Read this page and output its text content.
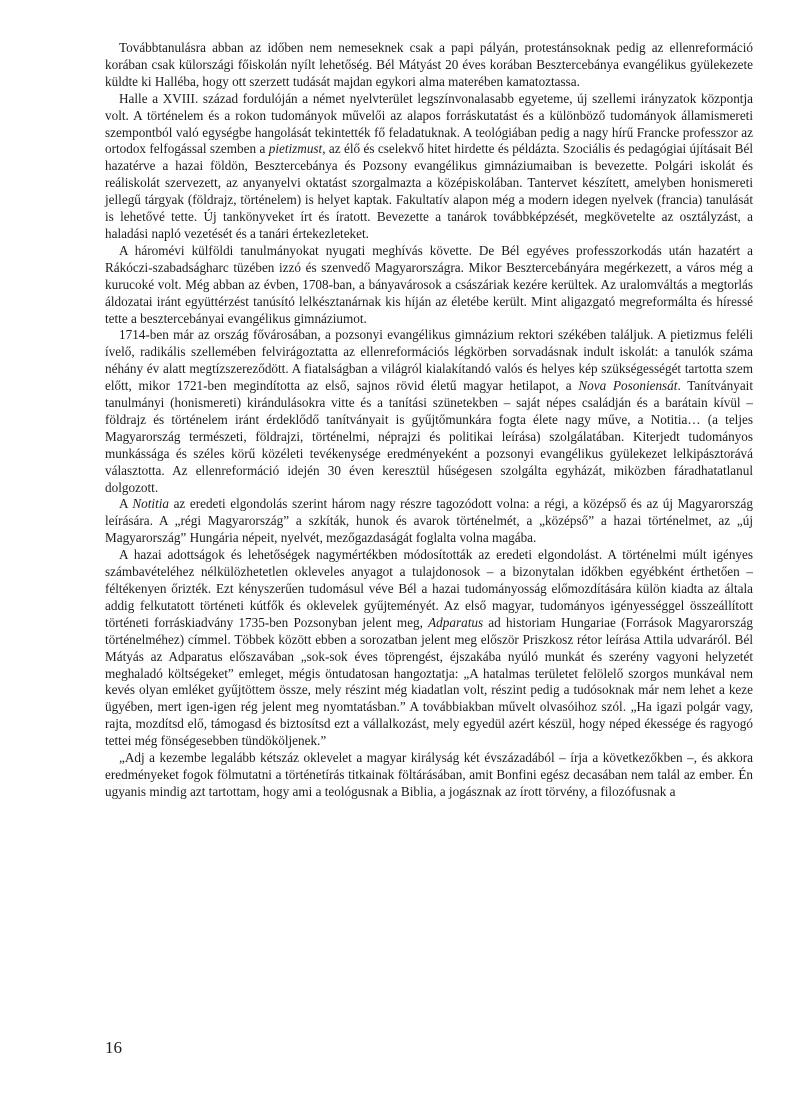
Továbbtanulásra abban az időben nem nemeseknek csak a papi pályán, protestánsoknak pedig az ellenreformáció korában csak külországi főiskolán nyílt lehetőség. Bél Mátyást 20 éves korában Besztercebánya evangélikus gyülekezete küldte ki Halléba, hogy ott szerzett tudását majdan egykori alma materében kamatoztassa.

Halle a XVIII. század fordulóján a német nyelvterület legszínvonalasabb egyeteme, új szellemi irányzatok központja volt. A történelem és a rokon tudományok művelői az alapos forráskutatást és a különböző tudományok államismereti szempontból való egységbe hangolását tekintették fő feladatuknak. A teológiában pedig a nagy hírű Francke professzor az ortodox felfogással szemben a pietizmust, az élő és cselekvő hitet hirdette és példázta. Szociális és pedagógiai újításait Bél hazatérve a hazai földön, Besztercebánya és Pozsony evangélikus gimnáziumaiban is bevezette. Polgári iskolát és reáliskolát szervezett, az anyanyelvi oktatást szorgalmazta a középiskolában. Tantervet készített, amelyben honismereti jellegű tárgyak (földrajz, történelem) is helyet kaptak. Fakultatív alapon még a modern idegen nyelvek (francia) tanulását is lehetővé tette. Új tankönyveket írt és íratott. Bevezette a tanárok továbbképzését, megkövetelte az osztályzást, a haladási napló vezetését és a tanári értekezleteket.

A háromévi külföldi tanulmányokat nyugati meghívás követte. De Bél egyéves professzorkodás után hazatért a Rákóczi-szabadságharc tüzében izzó és szenvedő Magyarországra. Mikor Besztercebányára megérkezett, a város még a kurucoké volt. Még abban az évben, 1708-ban, a bányavárosok a császáriak kezére kerültek. Az uralomváltás a megtorlás áldozatai iránt együttérzést tanúsító lelkésztanárnak kis híján az életébe került. Mint aligazgató megreformálta és híressé tette a besztercebányai evangélikus gimnáziumot.

1714-ben már az ország fővárosában, a pozsonyi evangélikus gimnázium rektori székében találjuk. A pietizmus feléli ívelő, radikális szellemében felvirágoztatta az ellenreformációs légkörben sorvadásnak indult iskolát: a tanulók száma néhány év alatt megtízszereződött. A fiatalságban a világról kialakítandó valós és helyes kép szükségességét tartotta szem előtt, mikor 1721-ben megindította az első, sajnos rövid életű magyar hetilapot, a Nova Posoniensát. Tanítványait tanulmányi (honismereti) kirándulásokra vitte és a tanítási szünetekben – saját népes családján és a barátain kívül – földrajz és történelem iránt érdeklődő tanítványait is gyűjtőmunkára fogta élete nagy műve, a Notitia… (a teljes Magyarország természeti, földrajzi, történelmi, néprajzi és politikai leírása) szolgálatában. Kiterjedt tudományos munkássága és széles körű közéleti tevékenysége eredményeként a pozsonyi evangélikus gyülekezet lelkipásztorává választotta. Az ellenreformáció idején 30 éven keresztül hűségesen szolgálta egyházát, miközben fáradhatatlanul dolgozott.

A Notitia az eredeti elgondolás szerint három nagy részre tagozódott volna: a régi, a középső és az új Magyarország leírására. A „régi Magyarország” a szkíták, hunok és avarok történelmét, a „középső” a hazai történelmet, az „új Magyarország” Hungária népeit, nyelvét, mezőgazdaságát foglalta volna magába.

A hazai adottságok és lehetőségek nagymértékben módosították az eredeti elgondolást. A történelmi múlt igényes számbavételéhez nélkülözhetetlen okleveles anyagot a tulajdonosok – a bizonytalan időkben egyébként érthetően – féltékenyen őrizték. Ezt kényszerűen tudomásul véve Bél a hazai tudományosság előmozdítására külön kiadta az általa addig felkutatott történeti kútfők és oklevelek gyűjteményét. Az első magyar, tudományos igényességgel összeállított történeti forráskiadvány 1735-ben Pozsonyban jelent meg, Adparatus ad historiam Hungariae (Források Magyarország történelméhez) címmel. Többek között ebben a sorozatban jelent meg először Priszkosz rétor leírása Attila udvaráról. Bél Mátyás az Adparatus előszavában „sok-sok éves töprengést, éjszakába nyúló munkát és szerény vagyoni helyzetét meghaladó költségeket” emleget, mégis öntudatosan hangoztatja: „A hatalmas területet felölelő szorgos munkával nem kevés olyan emléket gyűjtöttem össze, mely részint még kiadatlan volt, részint pedig a tudósoknak már nem lehet a keze ügyében, mert igen-igen rég jelent meg nyomtatásban.” A továbbiakban művelt olvasóihoz szól. „Ha igazi polgár vagy, rajta, mozdítsd elő, támogasd és biztosítsd ezt a vállalkozást, mely egyedül azért készül, hogy néped ékessége és ragyogó tettei még fönségesebben tündököljenek.”

„Adj a kezembe legalább kétszáz oklevelet a magyar királyság két évszázadából – írja a következőkben –, és akkora eredményeket fogok fölmutatni a történetírás titkainak föltárásában, amit Bonfini egész decasában nem talál az ember. Én ugyanis mindig azt tartottam, hogy ami a teológusnak a Biblia, a jogásznak az írott törvény, a filozófusnak a

16
